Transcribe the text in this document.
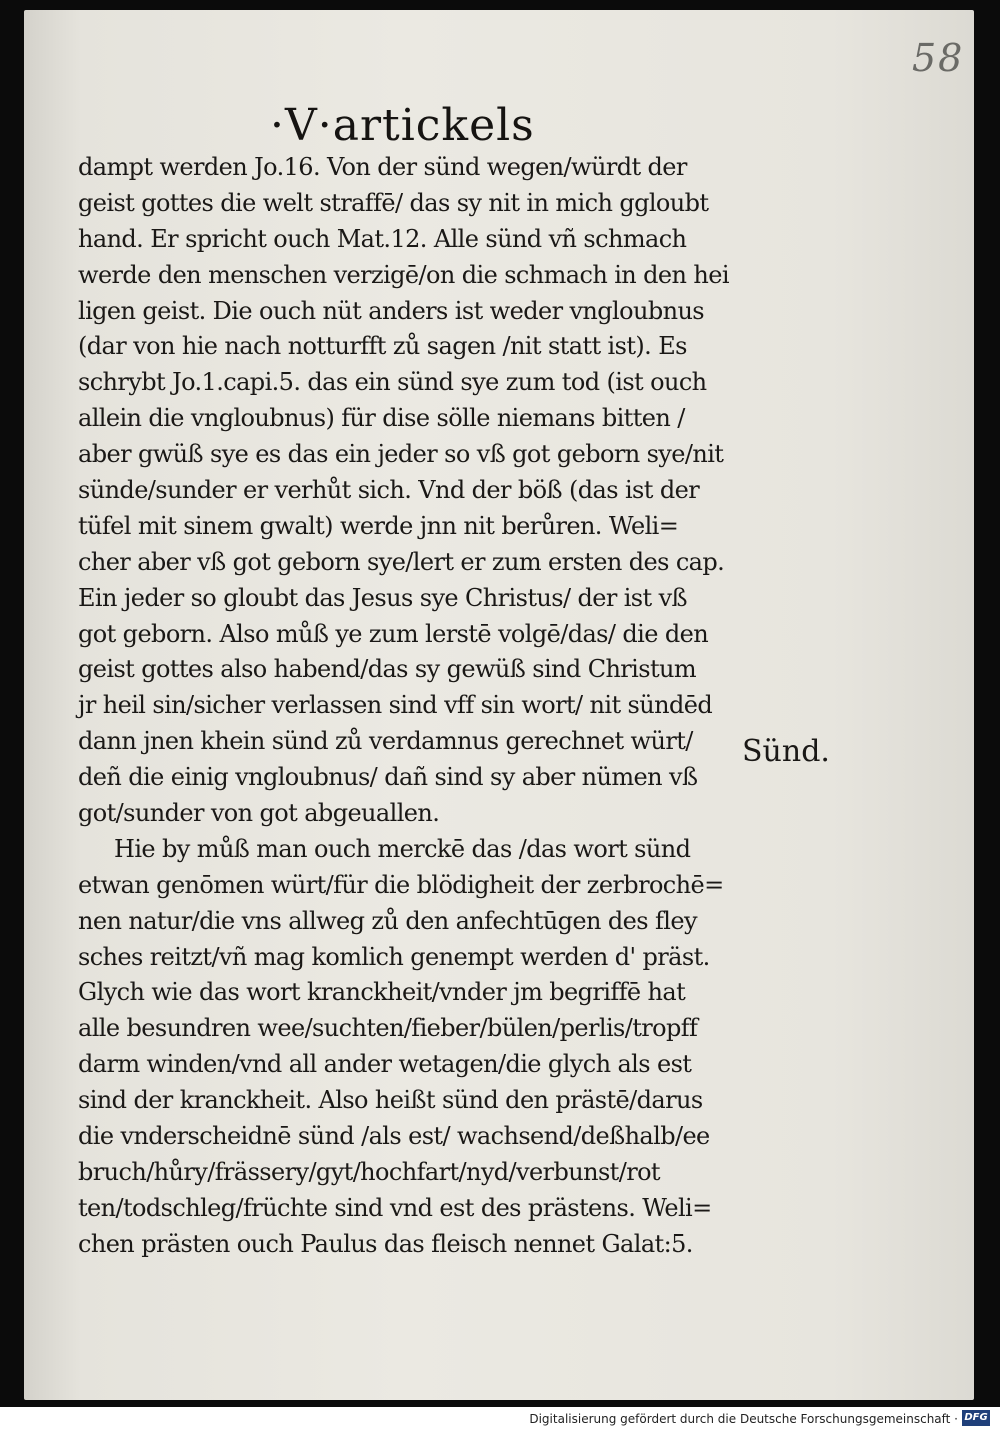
58
·V·artickels
dampt werden Jo.16. Von der sünd wegen/würdt der
geist gottes die welt straffē/ das sy nit in mich ggloubt
hand. Er spricht ouch Mat.12. Alle sünd vñ schmach
werde den menschen verzigē/on die schmach in den hei
ligen geist. Die ouch nüt anders ist weder vngloubnus
(dar von hie nach notturfft zů sagen /nit statt ist). Es
schrybt Jo.1.capi.5. das ein sünd sye zum tod (ist ouch
allein die vngloubnus) für dise sölle niemans bitten /
aber gwüß sye es das ein jeder so vß got geborn sye/nit
sünde/sunder er verhůt sich. Vnd der böß (das ist der
tüfel mit sinem gwalt) werde jnn nit berůren. Weli=
cher aber vß got geborn sye/lert er zum ersten des cap.
Ein jeder so gloubt das Jesus sye Christus/ der ist vß
got geborn. Also můß ye zum lerstē volgē/das/ die den
geist gottes also habend/das sy gewüß sind Christum
jr heil sin/sicher verlassen sind vff sin wort/ nit sündēd
dann jnen khein sünd zů verdamnus gerechnet würt/
deñ die einig vngloubnus/ dañ sind sy aber nümen vß
got/sunder von got abgeuallen.
Hie by můß man ouch merckē das /das wort sünd
etwan genōmen würt/für die blödigheit der zerbrochē=
nen natur/die vns allweg zů den anfechtūgen des fley
sches reitzt/vñ mag komlich genempt werden d' präst.
Glych wie das wort kranckheit/vnder jm begriffē hat
alle besundren wee/suchten/fieber/bülen/perlis/tropff
darm winden/vnd all ander wetagen/die glych als est
sind der kranckheit. Also heißt sünd den prästē/darus
die vnderscheidnē sünd /als est/ wachsend/deßhalb/ee
bruch/hůry/frässery/gyt/hochfart/nyd/verbunst/rot
ten/todschleg/früchte sind vnd est des prästens. Weli=
chen prästen ouch Paulus das fleisch nennet Galat:5.
Sünd.
Digitalisierung gefördert durch die Deutsche Forschungsgemeinschaft · DFG
